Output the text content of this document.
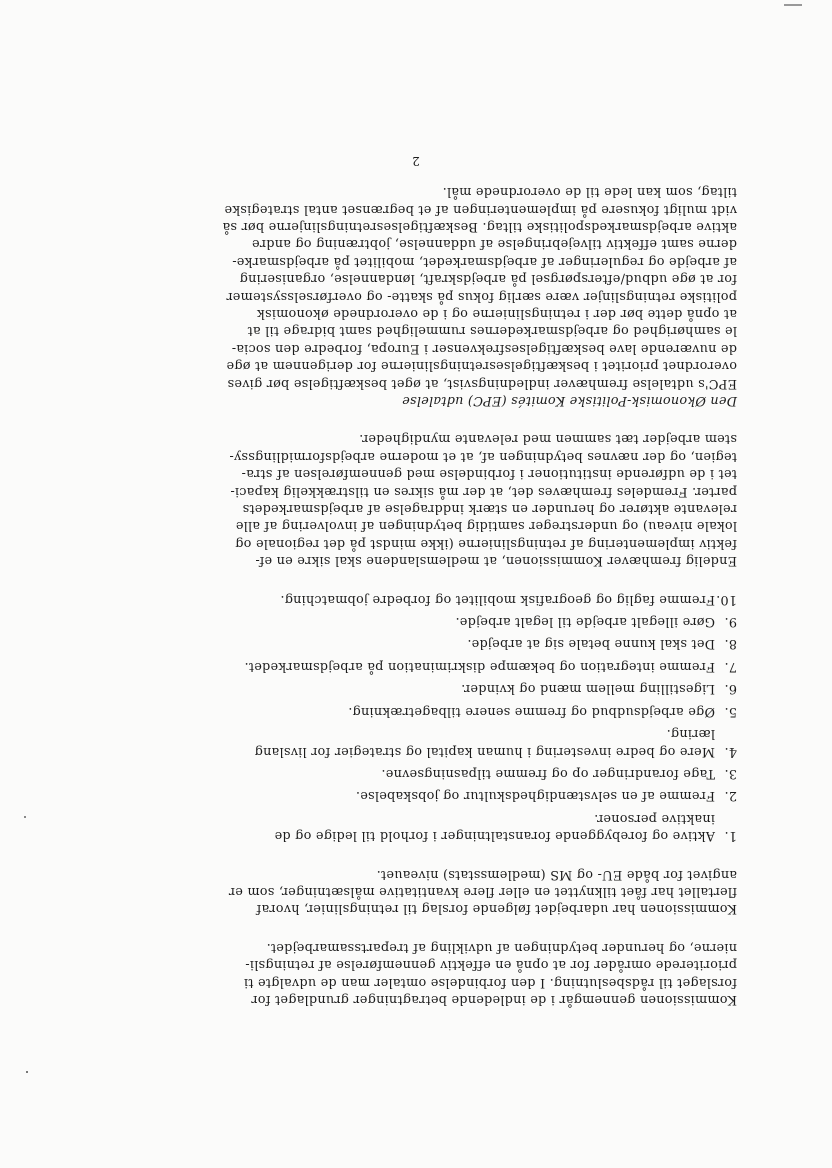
2

Kommissionen gennemgår i de indledende betragtninger grundlaget for
forslaget til rådsbeslutning. I den forbindelse omtaler man de udvalgte ti
prioriterede områder for at opnå en effektiv gennemførelse af retningsli-
nierne, og herunder betydningen af udvikling af trepartssamarbejdet.

Kommissionen har udarbejdet følgende forslag til retningslinier, hvoraf
flertallet har fået tilknyttet en eller flere kvantitative målsætninger, som er
angivet for både EU- og MS (medlemsstats) niveauet.

1.
Aktive og forebyggende foranstaltninger i forhold til ledige og de
inaktive personer.
2.
Fremme af en selvstændighedskultur og jobskabelse.
3.
Tage forandringer op og fremme tilpasningsevne.
4.
Mere og bedre investering i human kapital og strategier for livslang
læring.
5.
Øge arbejdsudbud og fremme senere tilbagetrækning.
6.
Ligestilling mellem mænd og kvinder.
7.
Fremme integration og bekæmpe diskrimination på arbejdsmarkedet.
8.
Det skal kunne betale sig at arbejde.
9.
Gøre illegalt arbejde til legalt arbejde.
10.
Fremme faglig og geografisk mobilitet og forbedre jobmatching.

Endelig fremhæver Kommissionen, at medlemslandene skal sikre en ef-
fektiv implementering af retningslinierne (ikke mindst på det regionale og
lokale niveau) og understreger samtidig betydningen af involvering af alle
relevante aktører og herunder en stærk inddragelse af arbejdsmarkedets
parter. Fremdeles fremhæves det, at der må sikres en tilstrækkelig kapaci-
tet i de udførende institutioner i forbindelse med gennemførelsen af stra-
tegien, og der nævnes betydningen af, at et moderne arbejdsformidlingssy-
stem arbejder tæt sammen med relevante myndigheder.

Den Økonomisk-Politiske Komités (EPC) udtalelse

EPC's udtalelse fremhæver indledningsvist, at øget beskæftigelse bør gives
overordnet prioritet i beskæftigelsesretningslinierne for derigennem at øge
de nuværende lave beskæftigelsesfrekvenser i Europa, forbedre den socia-
le samhørighed og arbejdsmarkedernes rummelighed samt bidrage til at
at opnå dette bør der i retningslinierne og i de overordnede økonomisk
politiske retningslinjer være særlig fokus på skatte- og overførselssystemer
for at øge udbud/efterspørgsel på arbejdskraft, løndannelse, organisering
af arbejde og reguleringer af arbejdsmarkedet, mobilitet på arbejdsmarke-
derne samt effektiv tilvejebringelse af uddannelse, jobtræning og andre
aktive arbejdsmarkedspolitiske tiltag. Beskæftigelsesretningslinjerne bør så
vidt muligt fokusere på implementeringen af et begrænset antal strategiske
tiltag, som kan lede til de overordnede mål.
